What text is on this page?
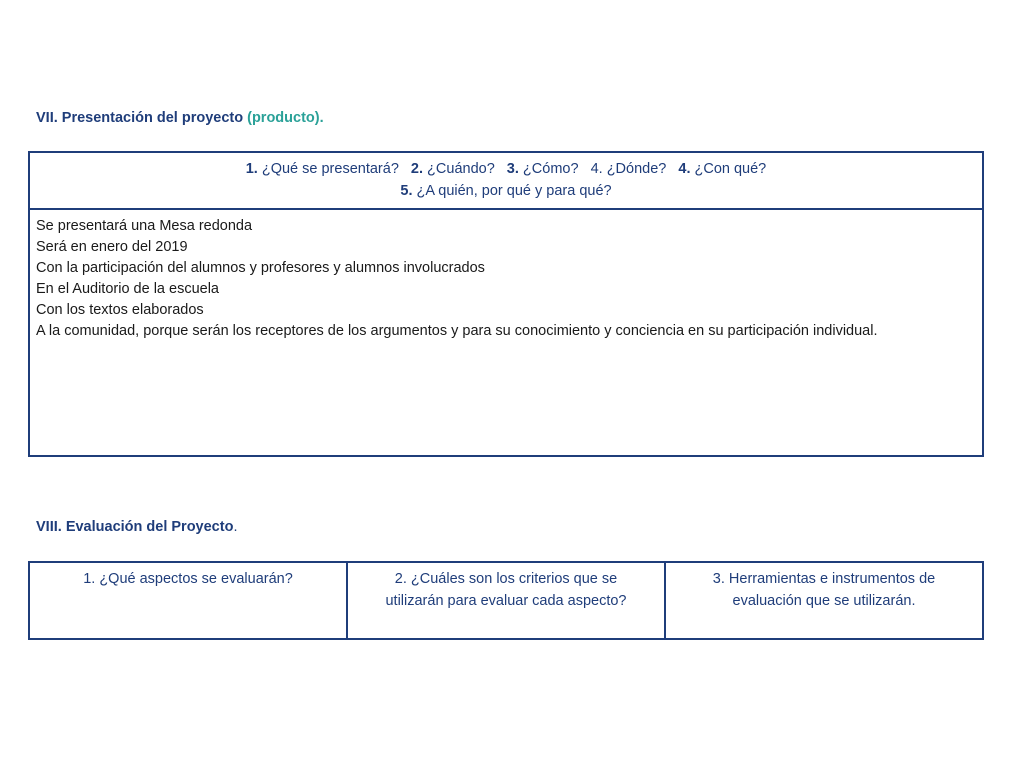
VII. Presentación del proyecto (producto).
1. ¿Qué se presentará? 2. ¿Cuándo? 3. ¿Cómo? 4. ¿Dónde? 4. ¿Con qué?
5. ¿A quién, por qué y para qué?
Se presentará una Mesa redonda
Será en enero del 2019
Con la participación del alumnos y profesores y alumnos involucrados
En el Auditorio de la escuela
Con los textos elaborados
A la comunidad, porque serán los receptores de los argumentos y para su conocimiento y conciencia en su participación individual.
VIII. Evaluación del Proyecto.
1. ¿Qué aspectos se evaluarán?	2. ¿Cuáles son los criterios que se utilizarán para evaluar cada aspecto?
3. Herramientas e instrumentos de evaluación que se utilizarán.
